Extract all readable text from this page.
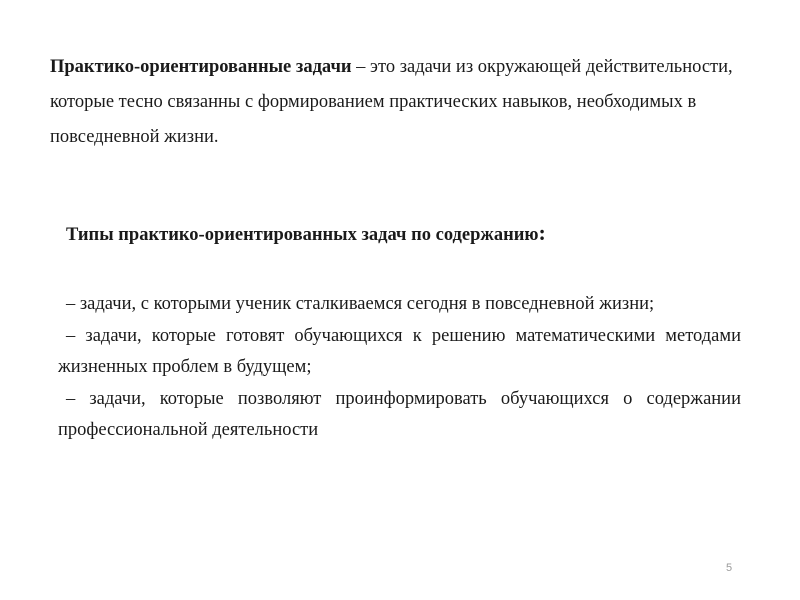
Практико-ориентированные задачи – это задачи из окружающей действительности, которые тесно связанны с формированием практических навыков, необходимых в повседневной жизни.

Типы практико-ориентированных задач по содержанию:

– задачи, с которыми ученик сталкиваемся сегодня в повседневной жизни;
– задачи, которые готовят обучающихся к решению математическими методами жизненных проблем в будущем;
– задачи, которые позволяют проинформировать обучающихся о содержании профессиональной деятельности
5
